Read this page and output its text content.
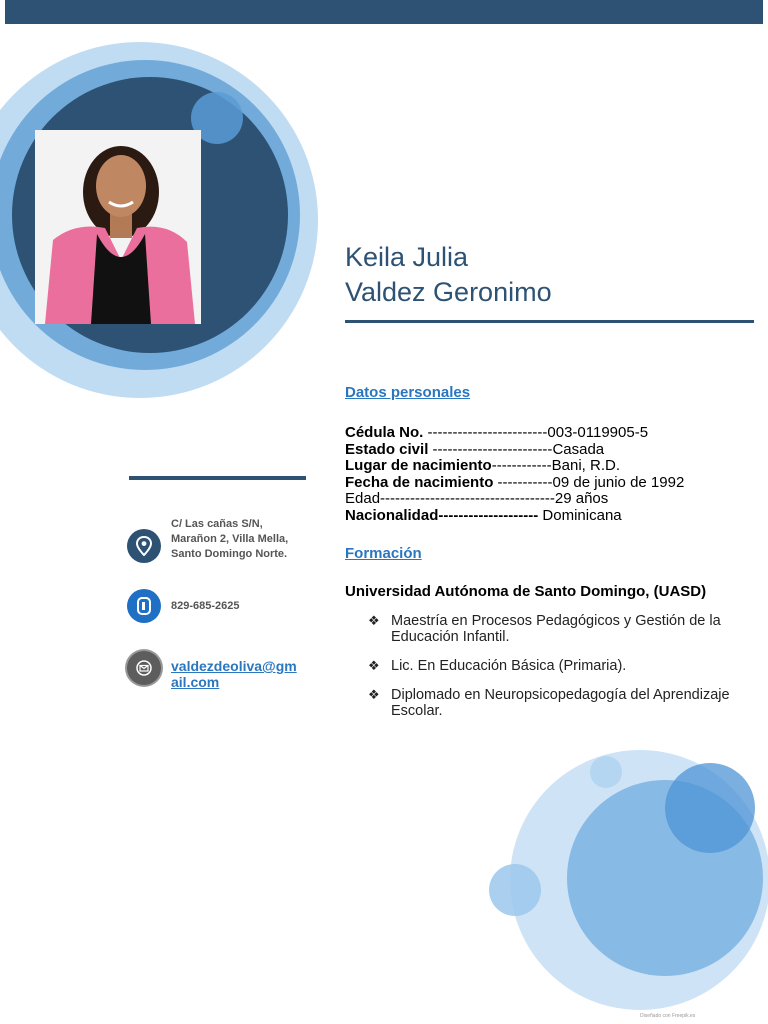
Keila Julia
Valdez Geronimo
Datos personales
Cédula No. ------------------------003-0119905-5
Estado civil ------------------------Casada
Lugar de nacimiento------------Bani, R.D.
Fecha de nacimiento -----------09 de junio de 1992
Edad-----------------------------------29 años
Nacionalidad-------------------- Dominicana
Formación
Universidad Autónoma de Santo Domingo, (UASD)
❖ Maestría en Procesos Pedagógicos y Gestión de la Educación Infantil.
❖ Lic. En Educación Básica (Primaria).
❖ Diplomado en Neuropsicopedagogía del Aprendizaje Escolar.
C/ Las cañas S/N,
Marañon 2, Villa Mella,
Santo Domingo Norte.
829-685-2625
valdezdeoliva@gm
ail.com
Diseñado con Freepik.es
